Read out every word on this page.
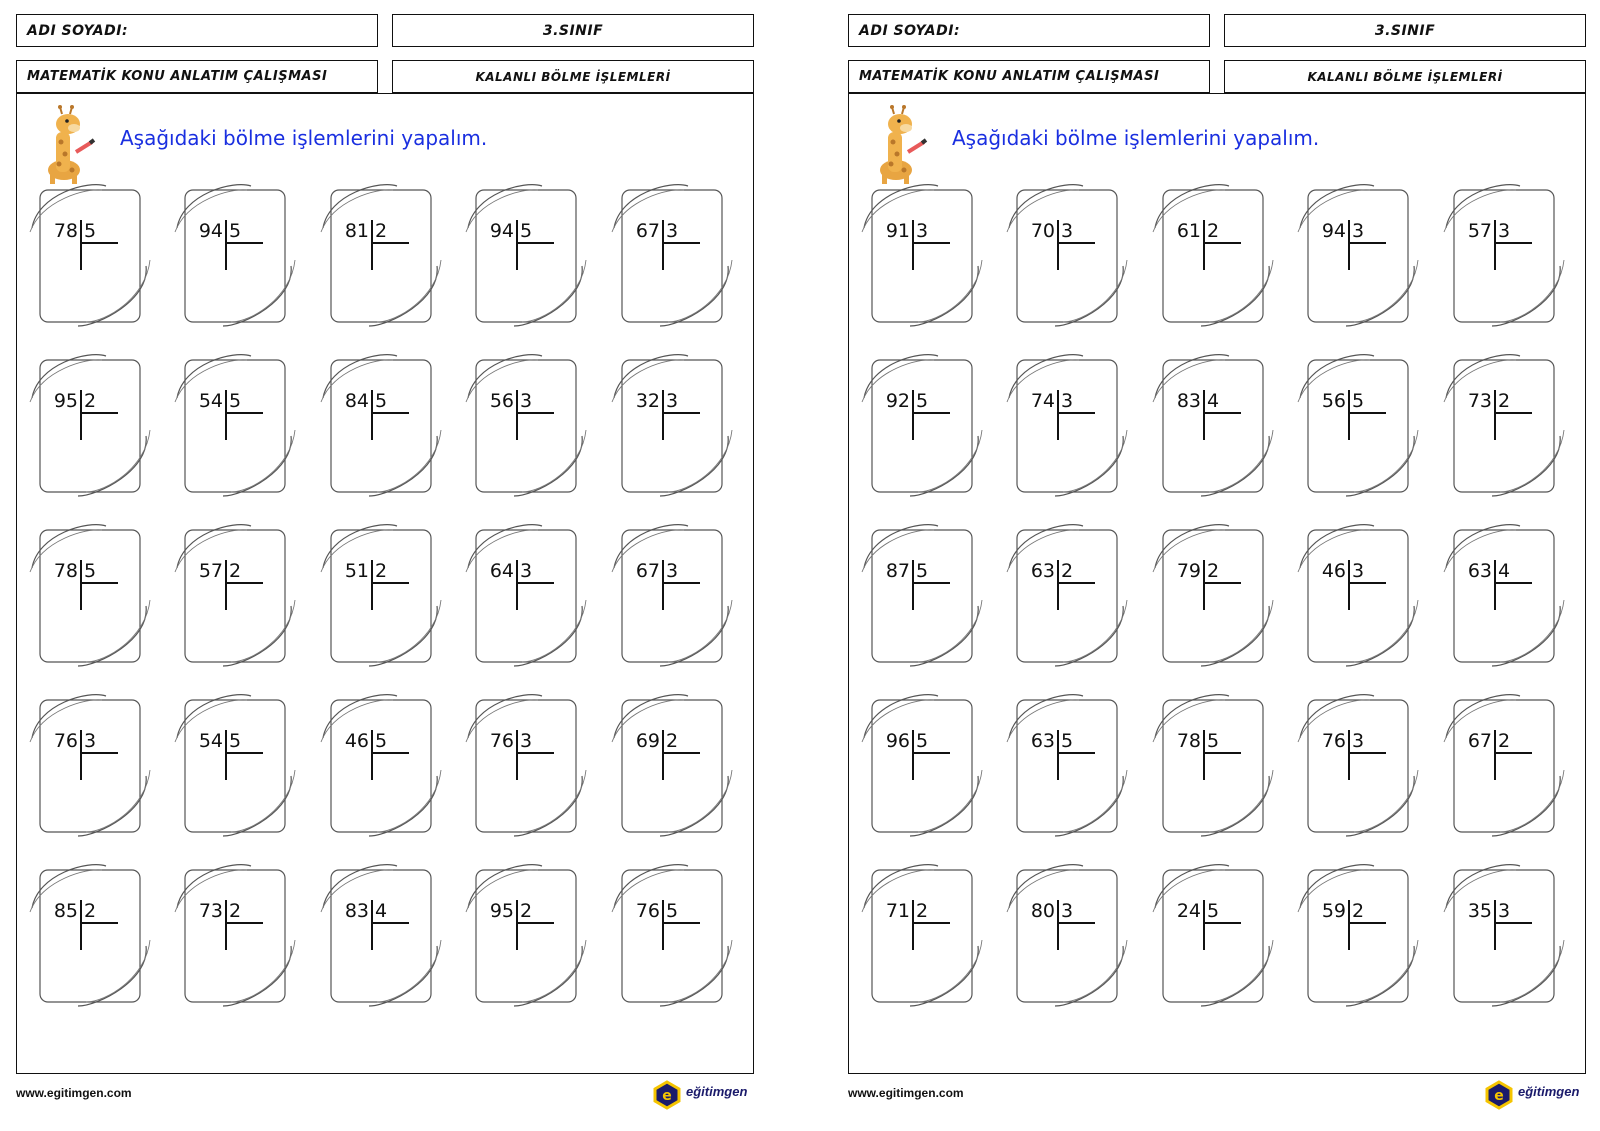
ADI SOYADI:	3.SINIF
MATEMATİK KONU ANLATIM ÇALIŞMASI	KALANLI BÖLME İŞLEMLERİ
Aşağıdaki bölme işlemlerini yapalım.
78 5	94 5	81 2	94 5	67 3
95 2	54 5	84 5	56 3	32 3
78 5	57 2	51 2	64 3	67 3
76 3	54 5	46 5	76 3	69 2
85 2	73 2	83 4	95 2	76 5
www.egitimgen.com	e eğitimgen
ADI SOYADI:	3.SINIF
MATEMATİK KONU ANLATIM ÇALIŞMASI	KALANLI BÖLME İŞLEMLERİ
Aşağıdaki bölme işlemlerini yapalım.
91 3	70 3	61 2	94 3	57 3
92 5	74 3	83 4	56 5	73 2
87 5	63 2	79 2	46 3	63 4
96 5	63 5	78 5	76 3	67 2
71 2	80 3	24 5	59 2	35 3
www.egitimgen.com	e eğitimgen
